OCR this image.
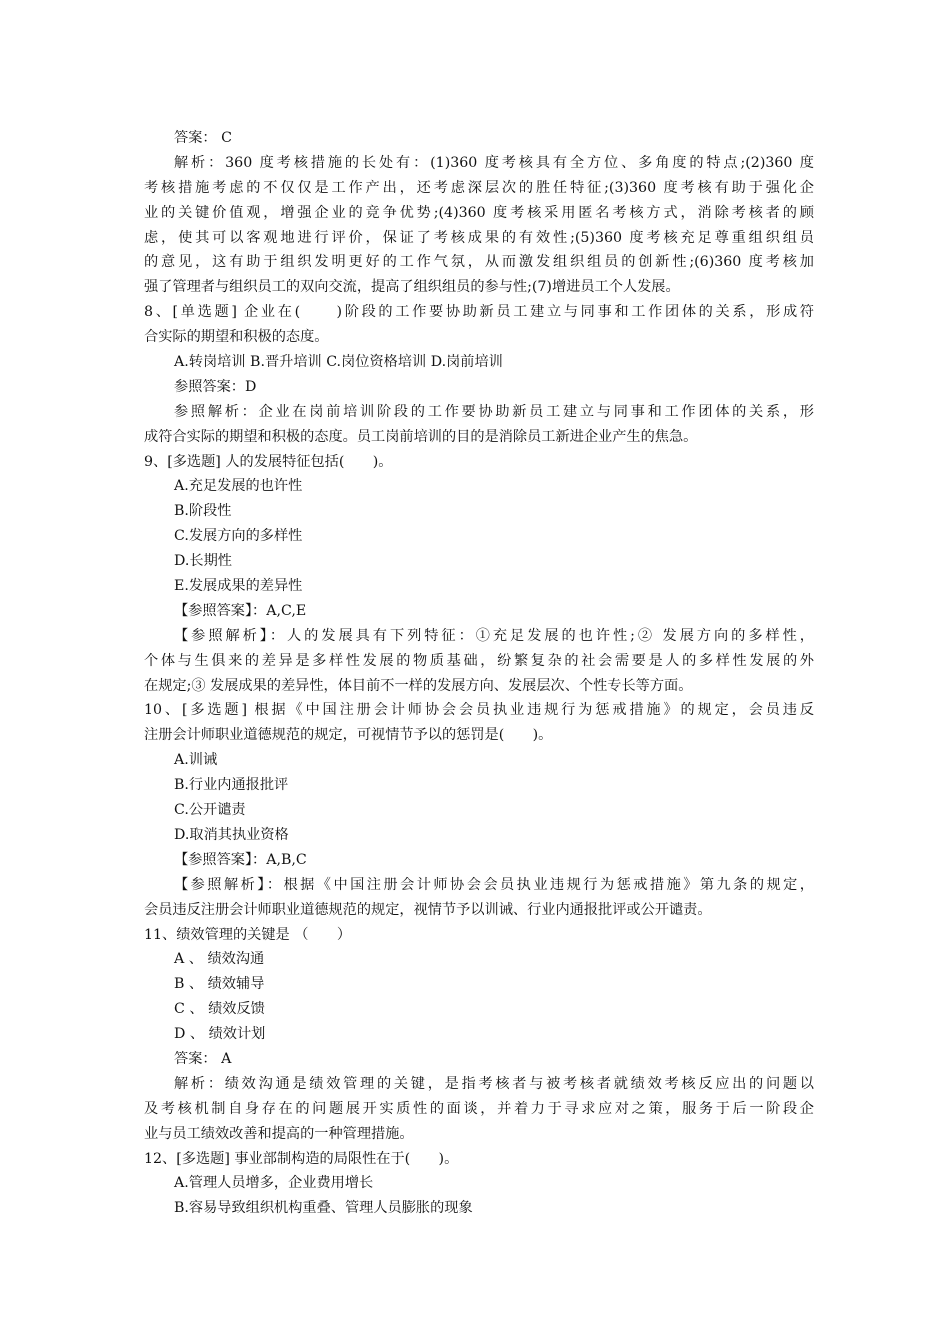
答案： C
解析：360 度考核措施的长处有：(1)360 度考核具有全方位、多角度的特点;(2)360 度
考核措施考虑的不仅仅是工作产出，还考虑深层次的胜任特征;(3)360 度考核有助于强化企
业的关键价值观，增强企业的竞争优势;(4)360 度考核采用匿名考核方式，消除考核者的顾
虑，使其可以客观地进行评价，保证了考核成果的有效性;(5)360 度考核充足尊重组织组员
的意见，这有助于组织发明更好的工作气氛，从而激发组织组员的创新性;(6)360 度考核加
强了管理者与组织员工的双向交流，提高了组织组员的参与性;(7)增进员工个人发展。
8、[单选题] 企业在(　　)阶段的工作要协助新员工建立与同事和工作团体的关系，形成符
合实际的期望和积极的态度。
A.转岗培训 B.晋升培训 C.岗位资格培训 D.岗前培训
参照答案：D
参照解析：企业在岗前培训阶段的工作要协助新员工建立与同事和工作团体的关系，形
成符合实际的期望和积极的态度。员工岗前培训的目的是消除员工新进企业产生的焦急。
9、[多选题] 人的发展特征包括(　　)。
A.充足发展的也许性
B.阶段性
C.发展方向的多样性
D.长期性
E.发展成果的差异性
【参照答案】：A,C,E
【参照解析】：人的发展具有下列特征：①充足发展的也许性;② 发展方向的多样性，
个体与生俱来的差异是多样性发展的物质基础，纷繁复杂的社会需要是人的多样性发展的外
在规定;③ 发展成果的差异性，体目前不一样的发展方向、发展层次、个性专长等方面。
10、[多选题] 根据《中国注册会计师协会会员执业违规行为惩戒措施》的规定，会员违反
注册会计师职业道德规范的规定，可视情节予以的惩罚是(　　)。
A.训诫
B.行业内通报批评
C.公开谴责
D.取消其执业资格
【参照答案】：A,B,C
【参照解析】：根据《中国注册会计师协会会员执业违规行为惩戒措施》第九条的规定，
会员违反注册会计师职业道德规范的规定，视情节予以训诫、行业内通报批评或公开谴责。
11、绩效管理的关键是 （　　）
A 、 绩效沟通
B 、 绩效辅导
C 、 绩效反馈
D 、 绩效计划
答案： A
解析：绩效沟通是绩效管理的关键，是指考核者与被考核者就绩效考核反应出的问题以
及考核机制自身存在的问题展开实质性的面谈，并着力于寻求应对之策，服务于后一阶段企
业与员工绩效改善和提高的一种管理措施。
12、[多选题] 事业部制构造的局限性在于(　　)。
A.管理人员增多，企业费用增长
B.容易导致组织机构重叠、管理人员膨胀的现象
